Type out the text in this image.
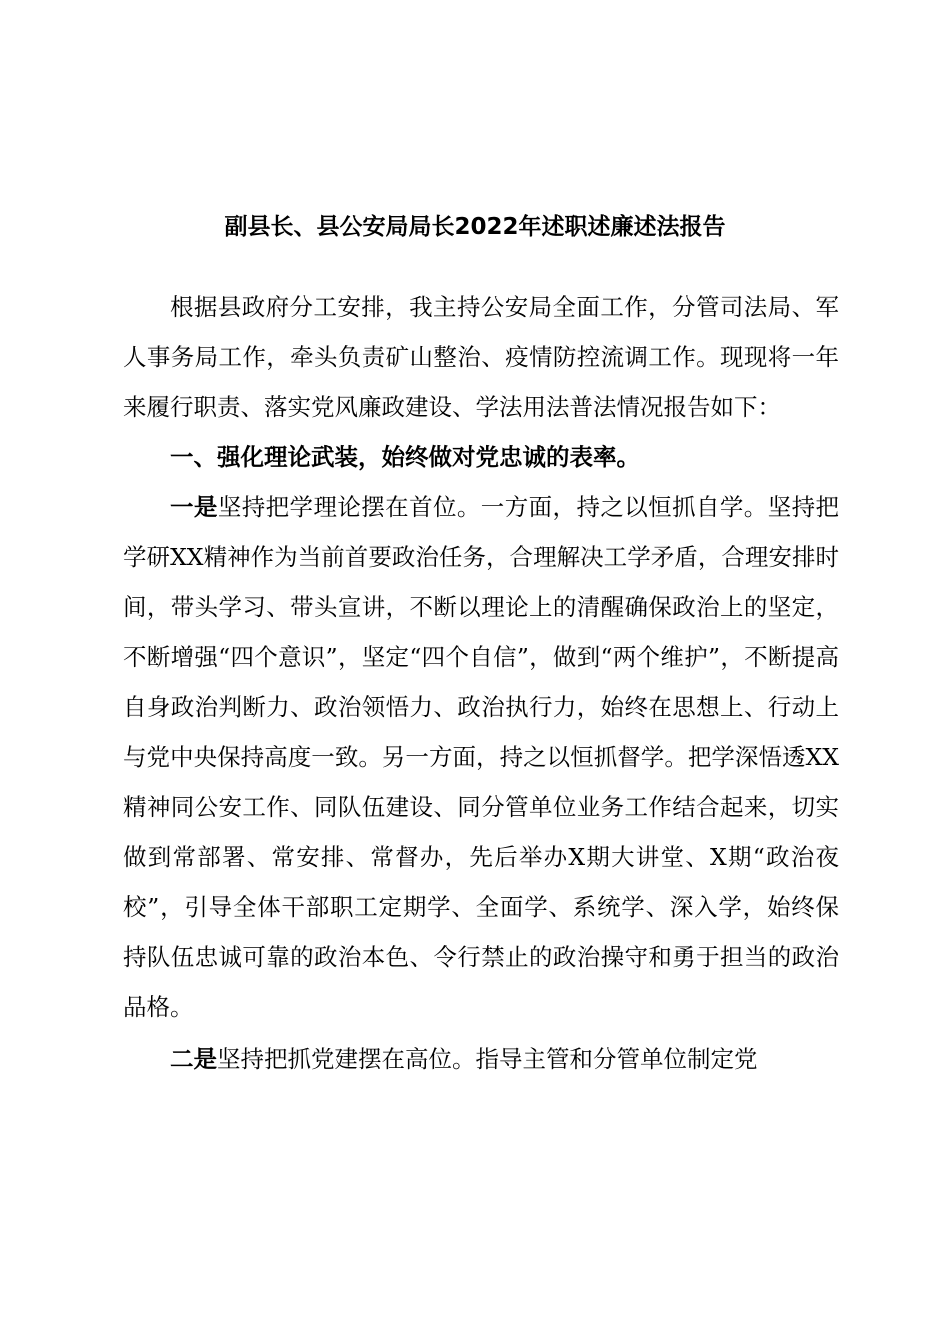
副县长、县公安局局长2022年述职述廉述法报告

根据县政府分工安排，我主持公安局全面工作，分管司法局、军人事务局工作，牵头负责矿山整治、疫情防控流调工作。现现将一年来履行职责、落实党风廉政建设、学法用法普法情况报告如下：

一、强化理论武装，始终做对党忠诚的表率。

一是坚持把学理论摆在首位。一方面，持之以恒抓自学。坚持把学研XX精神作为当前首要政治任务，合理解决工学矛盾，合理安排时间，带头学习、带头宣讲，不断以理论上的清醒确保政治上的坚定，不断增强“四个意识”，坚定“四个自信”，做到“两个维护”，不断提高自身政治判断力、政治领悟力、政治执行力，始终在思想上、行动上与党中央保持高度一致。另一方面，持之以恒抓督学。把学深悟透XX精神同公安工作、同队伍建设、同分管单位业务工作结合起来，切实做到常部署、常安排、常督办，先后举办X期大讲堂、X期“政治夜校”，引导全体干部职工定期学、全面学、系统学、深入学，始终保持队伍忠诚可靠的政治本色、令行禁止的政治操守和勇于担当的政治品格。

二是坚持把抓党建摆在高位。指导主管和分管单位制定党
